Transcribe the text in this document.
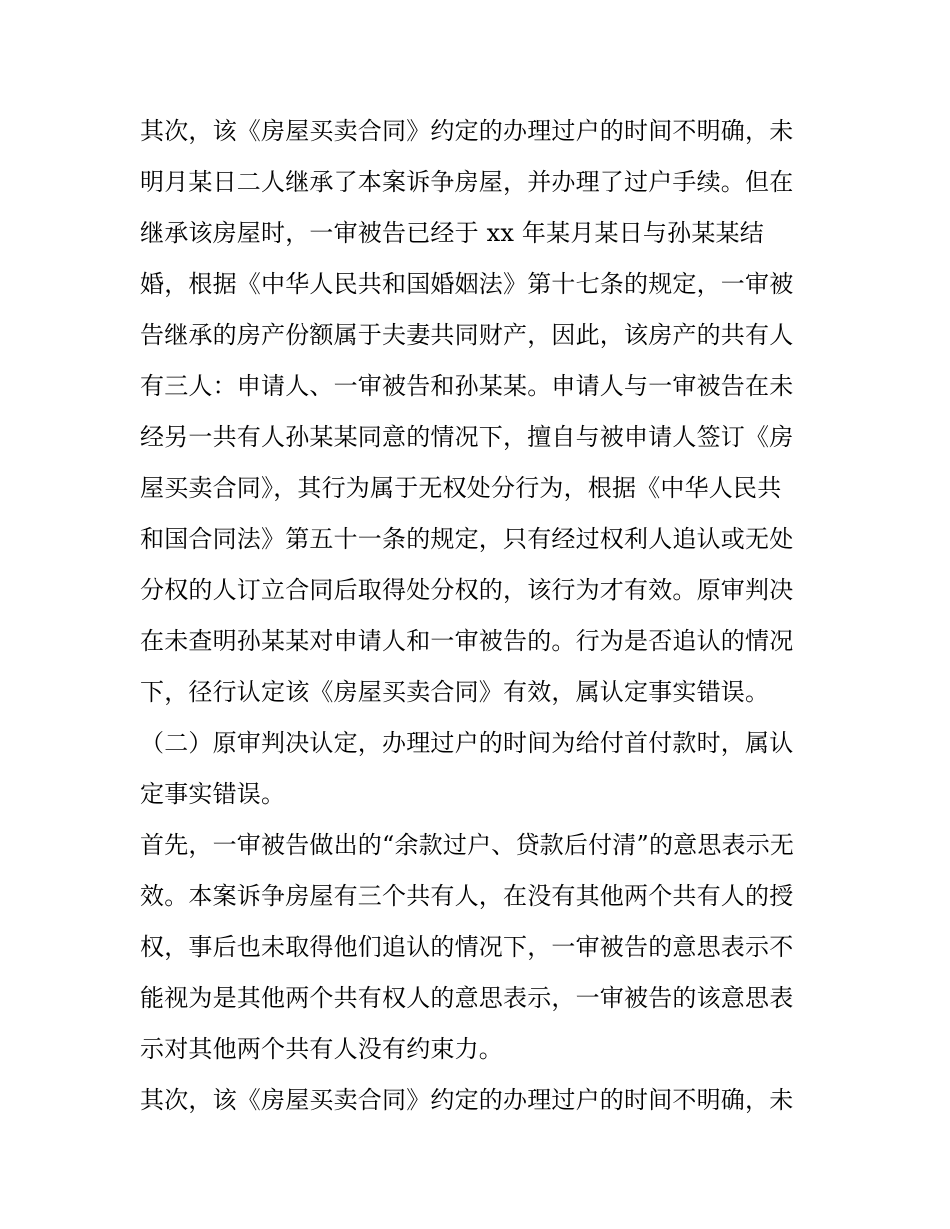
其次，该《房屋买卖合同》约定的办理过户的时间不明确，未
明月某日二人继承了本案诉争房屋，并办理了过户手续。但在
继承该房屋时，一审被告已经于 xx 年某月某日与孙某某结
婚，根据《中华人民共和国婚姻法》第十七条的规定，一审被
告继承的房产份额属于夫妻共同财产，因此，该房产的共有人
有三人：申请人、一审被告和孙某某。申请人与一审被告在未
经另一共有人孙某某同意的情况下，擅自与被申请人签订《房
屋买卖合同》，其行为属于无权处分行为，根据《中华人民共
和国合同法》第五十一条的规定，只有经过权利人追认或无处
分权的人订立合同后取得处分权的，该行为才有效。原审判决
在未查明孙某某对申请人和一审被告的。行为是否追认的情况
下，径行认定该《房屋买卖合同》有效，属认定事实错误。
（二）原审判决认定，办理过户的时间为给付首付款时，属认
定事实错误。
首先，一审被告做出的“余款过户、贷款后付清”的意思表示无
效。本案诉争房屋有三个共有人，在没有其他两个共有人的授
权，事后也未取得他们追认的情况下，一审被告的意思表示不
能视为是其他两个共有权人的意思表示，一审被告的该意思表
示对其他两个共有人没有约束力。
其次，该《房屋买卖合同》约定的办理过户的时间不明确，未
